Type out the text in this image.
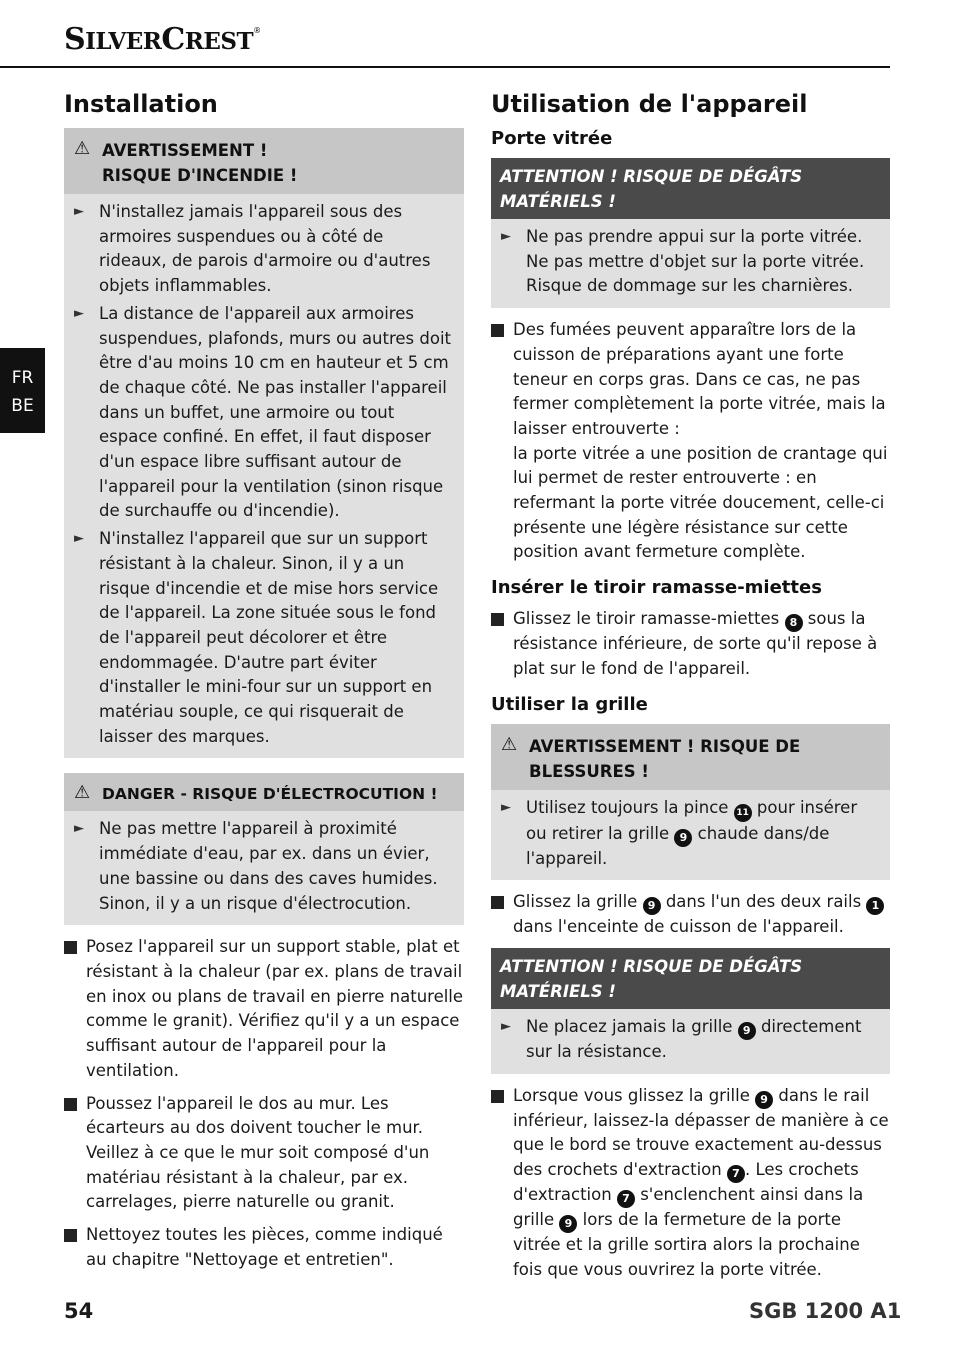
SILVERCREST®
FR
BE
Installation
⚠ AVERTISSEMENT !
RISQUE D'INCENDIE !
► N'installez jamais l'appareil sous des armoires suspendues ou à côté de rideaux, de parois d'armoire ou d'autres objets inflammables.
► La distance de l'appareil aux armoires suspendues, plafonds, murs ou autres doit être d'au moins 10 cm en hauteur et 5 cm de chaque côté. Ne pas installer l'appareil dans un buffet, une armoire ou tout espace confiné. En effet, il faut disposer d'un espace libre suffisant autour de l'appareil pour la ventilation (sinon risque de surchauffe ou d'incendie).
► N'installez l'appareil que sur un support résistant à la chaleur. Sinon, il y a un risque d'incendie et de mise hors service de l'appareil. La zone située sous le fond de l'appareil peut décolorer et être endommagée. D'autre part éviter d'installer le mini-four sur un support en matériau souple, ce qui risquerait de laisser des marques.
⚠ DANGER - RISQUE D'ÉLECTROCUTION !
► Ne pas mettre l'appareil à proximité immédiate d'eau, par ex. dans un évier, une bassine ou dans des caves humides. Sinon, il y a un risque d'électrocution.
Posez l'appareil sur un support stable, plat et résistant à la chaleur (par ex. plans de travail en inox ou plans de travail en pierre naturelle comme le granit). Vérifiez qu'il y a un espace suffisant autour de l'appareil pour la ventilation.
Poussez l'appareil le dos au mur. Les écarteurs au dos doivent toucher le mur. Veillez à ce que le mur soit composé d'un matériau résistant à la chaleur, par ex. carrelages, pierre naturelle ou granit.
Nettoyez toutes les pièces, comme indiqué au chapitre "Nettoyage et entretien".
Utilisation de l'appareil
Porte vitrée
ATTENTION ! RISQUE DE DÉGÂTS
MATÉRIELS !
► Ne pas prendre appui sur la porte vitrée. Ne pas mettre d'objet sur la porte vitrée. Risque de dommage sur les charnières.
Des fumées peuvent apparaître lors de la cuisson de préparations ayant une forte teneur en corps gras. Dans ce cas, ne pas fermer complètement la porte vitrée, mais la laisser entrouverte :
la porte vitrée a une position de crantage qui lui permet de rester entrouverte : en refermant la porte vitrée doucement, celle-ci présente une légère résistance sur cette position avant fermeture complète.
Insérer le tiroir ramasse-miettes
Glissez le tiroir ramasse-miettes 8 sous la résistance inférieure, de sorte qu'il repose à plat sur le fond de l'appareil.
Utiliser la grille
⚠ AVERTISSEMENT ! RISQUE DE
BLESSURES !
► Utilisez toujours la pince 11 pour insérer ou retirer la grille 9 chaude dans/de l'appareil.
Glissez la grille 9 dans l'un des deux rails 1 dans l'enceinte de cuisson de l'appareil.
ATTENTION ! RISQUE DE DÉGÂTS
MATÉRIELS !
► Ne placez jamais la grille 9 directement sur la résistance.
Lorsque vous glissez la grille 9 dans le rail inférieur, laissez-la dépasser de manière à ce que le bord se trouve exactement au-dessus des crochets d'extraction 7 . Les crochets d'extraction 7 s'enclenchent ainsi dans la grille 9 lors de la fermeture de la porte vitrée et la grille sortira alors la prochaine fois que vous ouvrirez la porte vitrée.
54	SGB 1200 A1
